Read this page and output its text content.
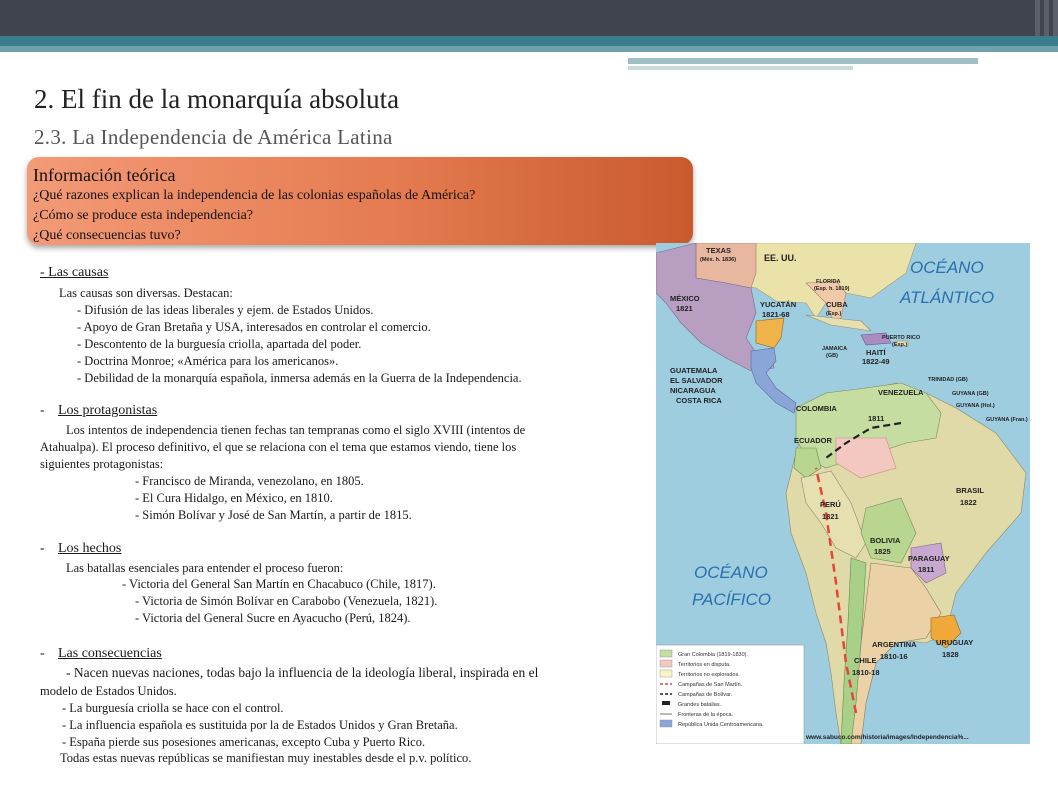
2. El fin de la monarquía absoluta
2.3. La Independencia de América Latina
Información teórica
¿Qué razones explican la independencia de las colonias españolas de América?
¿Cómo se produce esta independencia?
¿Qué consecuencias tuvo?
- Las causas
Las causas son diversas. Destacan:
- Difusión de las ideas liberales y ejem. de Estados Unidos.
- Apoyo de Gran Bretaña y USA, interesados en controlar el comercio.
- Descontento de la burguesía criolla, apartada del poder.
- Doctrina Monroe; «América para los americanos».
- Debilidad de la monarquía española, inmersa además en la Guerra de la Independencia.
- Los protagonistas
Los intentos de independencia tienen fechas tan tempranas como el siglo XVIII (intentos de
Atahualpa). El proceso definitivo, el que se relaciona con el tema que estamos viendo, tiene los
siguientes protagonistas:
- Francisco de Miranda, venezolano, en 1805.
- El Cura Hidalgo, en México, en 1810.
- Simón Bolívar y José de San Martín, a partir de 1815.
- Los hechos
Las batallas esenciales para entender el proceso fueron:
- Victoria del General San Martín en Chacabuco (Chile, 1817).
- Victoria de Simón Bolívar en Carabobo (Venezuela, 1821).
- Victoria del General Sucre en Ayacucho (Perú, 1824).
- Las consecuencias
- Nacen nuevas naciones, todas bajo la influencia de la ideología liberal, inspirada en el
modelo de Estados Unidos.
- La burguesía criolla se hace con el control.
- La influencia española es sustituida por la de Estados Unidos y Gran Bretaña.
- España pierde sus posesiones americanas, excepto Cuba y Puerto Rico.
Todas estas nuevas repúblicas se manifiestan muy inestables desde el p.v. político.
OCÉANO
ATLÁNTICO
OCÉANO
PACÍFICO
TEXAS
(Méx. h. 1836)	EE. UU.
FLORIDA
(Esp. h. 1819)
MÉXICO
1821	YUCATÁN
1821-68
CUBA
(Esp.)
PUERTO RICO
(Esp.)
JAMAICA
(GB)	HAITÍ
1822-49
GUATEMALA
EL SALVADOR
NICARAGUA
COSTA RICA
TRINIDAD (GB)
VENEZUELA	GUYANA (GB)
GUYANA (Hol.)
GUYANA (Fran.)
COLOMBIA
1811
ECUADOR
BRASIL
1822
PERÚ
1821
BOLIVIA
1825
PARAGUAY
1811
ARGENTINA
1810-16
URUGUAY
1828
CHILE
1810-18
Gran Colombia (1819-1830).
Territorios en disputa.
Territorios no explorados.
Campañas de San Martín.
Campañas de Bolívar.
Grandes batallas.
Fronteras de la época.
República Unida Centroamericana.
www.sabuco.com/historia/images/Independencia%...
